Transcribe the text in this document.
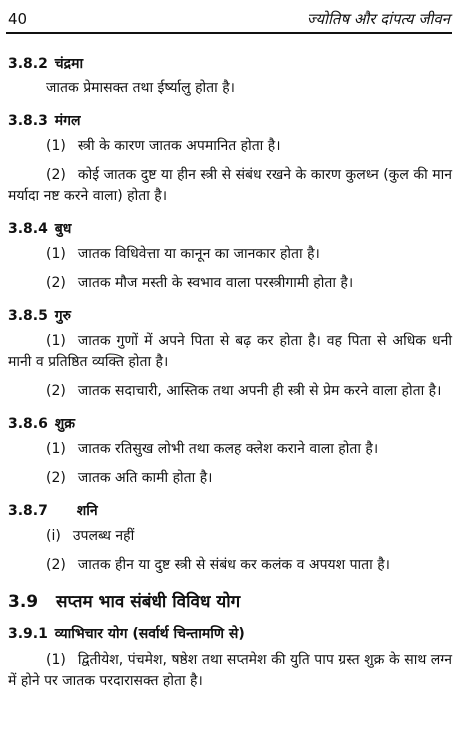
40	ज्योतिष और दांपत्य जीवन

3.8.2 चंद्रमा

जातक प्रेमासक्त तथा ईर्ष्यालु होता है।

3.8.3 मंगल

(1) स्त्री के कारण जातक अपमानित होता है।

(2) कोई जातक दुष्ट या हीन स्त्री से संबंध रखने के कारण कुलध्न (कुल की मान मर्यादा नष्ट करने वाला) होता है।

3.8.4 बुध

(1) जातक विधिवेत्ता या कानून का जानकार होता है।

(2) जातक मौज मस्ती के स्वभाव वाला परस्त्रीगामी होता है।

3.8.5 गुरु

(1) जातक गुणों में अपने पिता से बढ़ कर होता है। वह पिता से अधिक धनी मानी व प्रतिष्ठित व्यक्ति होता है।

(2) जातक सदाचारी, आस्तिक तथा अपनी ही स्त्री से प्रेम करने वाला होता है।

3.8.6 शुक्र

(1) जातक रतिसुख लोभी तथा कलह क्लेश कराने वाला होता है।

(2) जातक अति कामी होता है।

3.8.7 शनि

(i) उपलब्ध नहीं

(2) जातक हीन या दुष्ट स्त्री से संबंध कर कलंक व अपयश पाता है।

3.9 सप्तम भाव संबंधी विविध योग

3.9.1 व्याभिचार योग (सर्वार्थ चिन्तामणि से)

(1) द्वितीयेश, पंचमेश, षष्ठेश तथा सप्तमेश की युति पाप ग्रस्त शुक्र के साथ लग्न में होने पर जातक परदारासक्त होता है।
